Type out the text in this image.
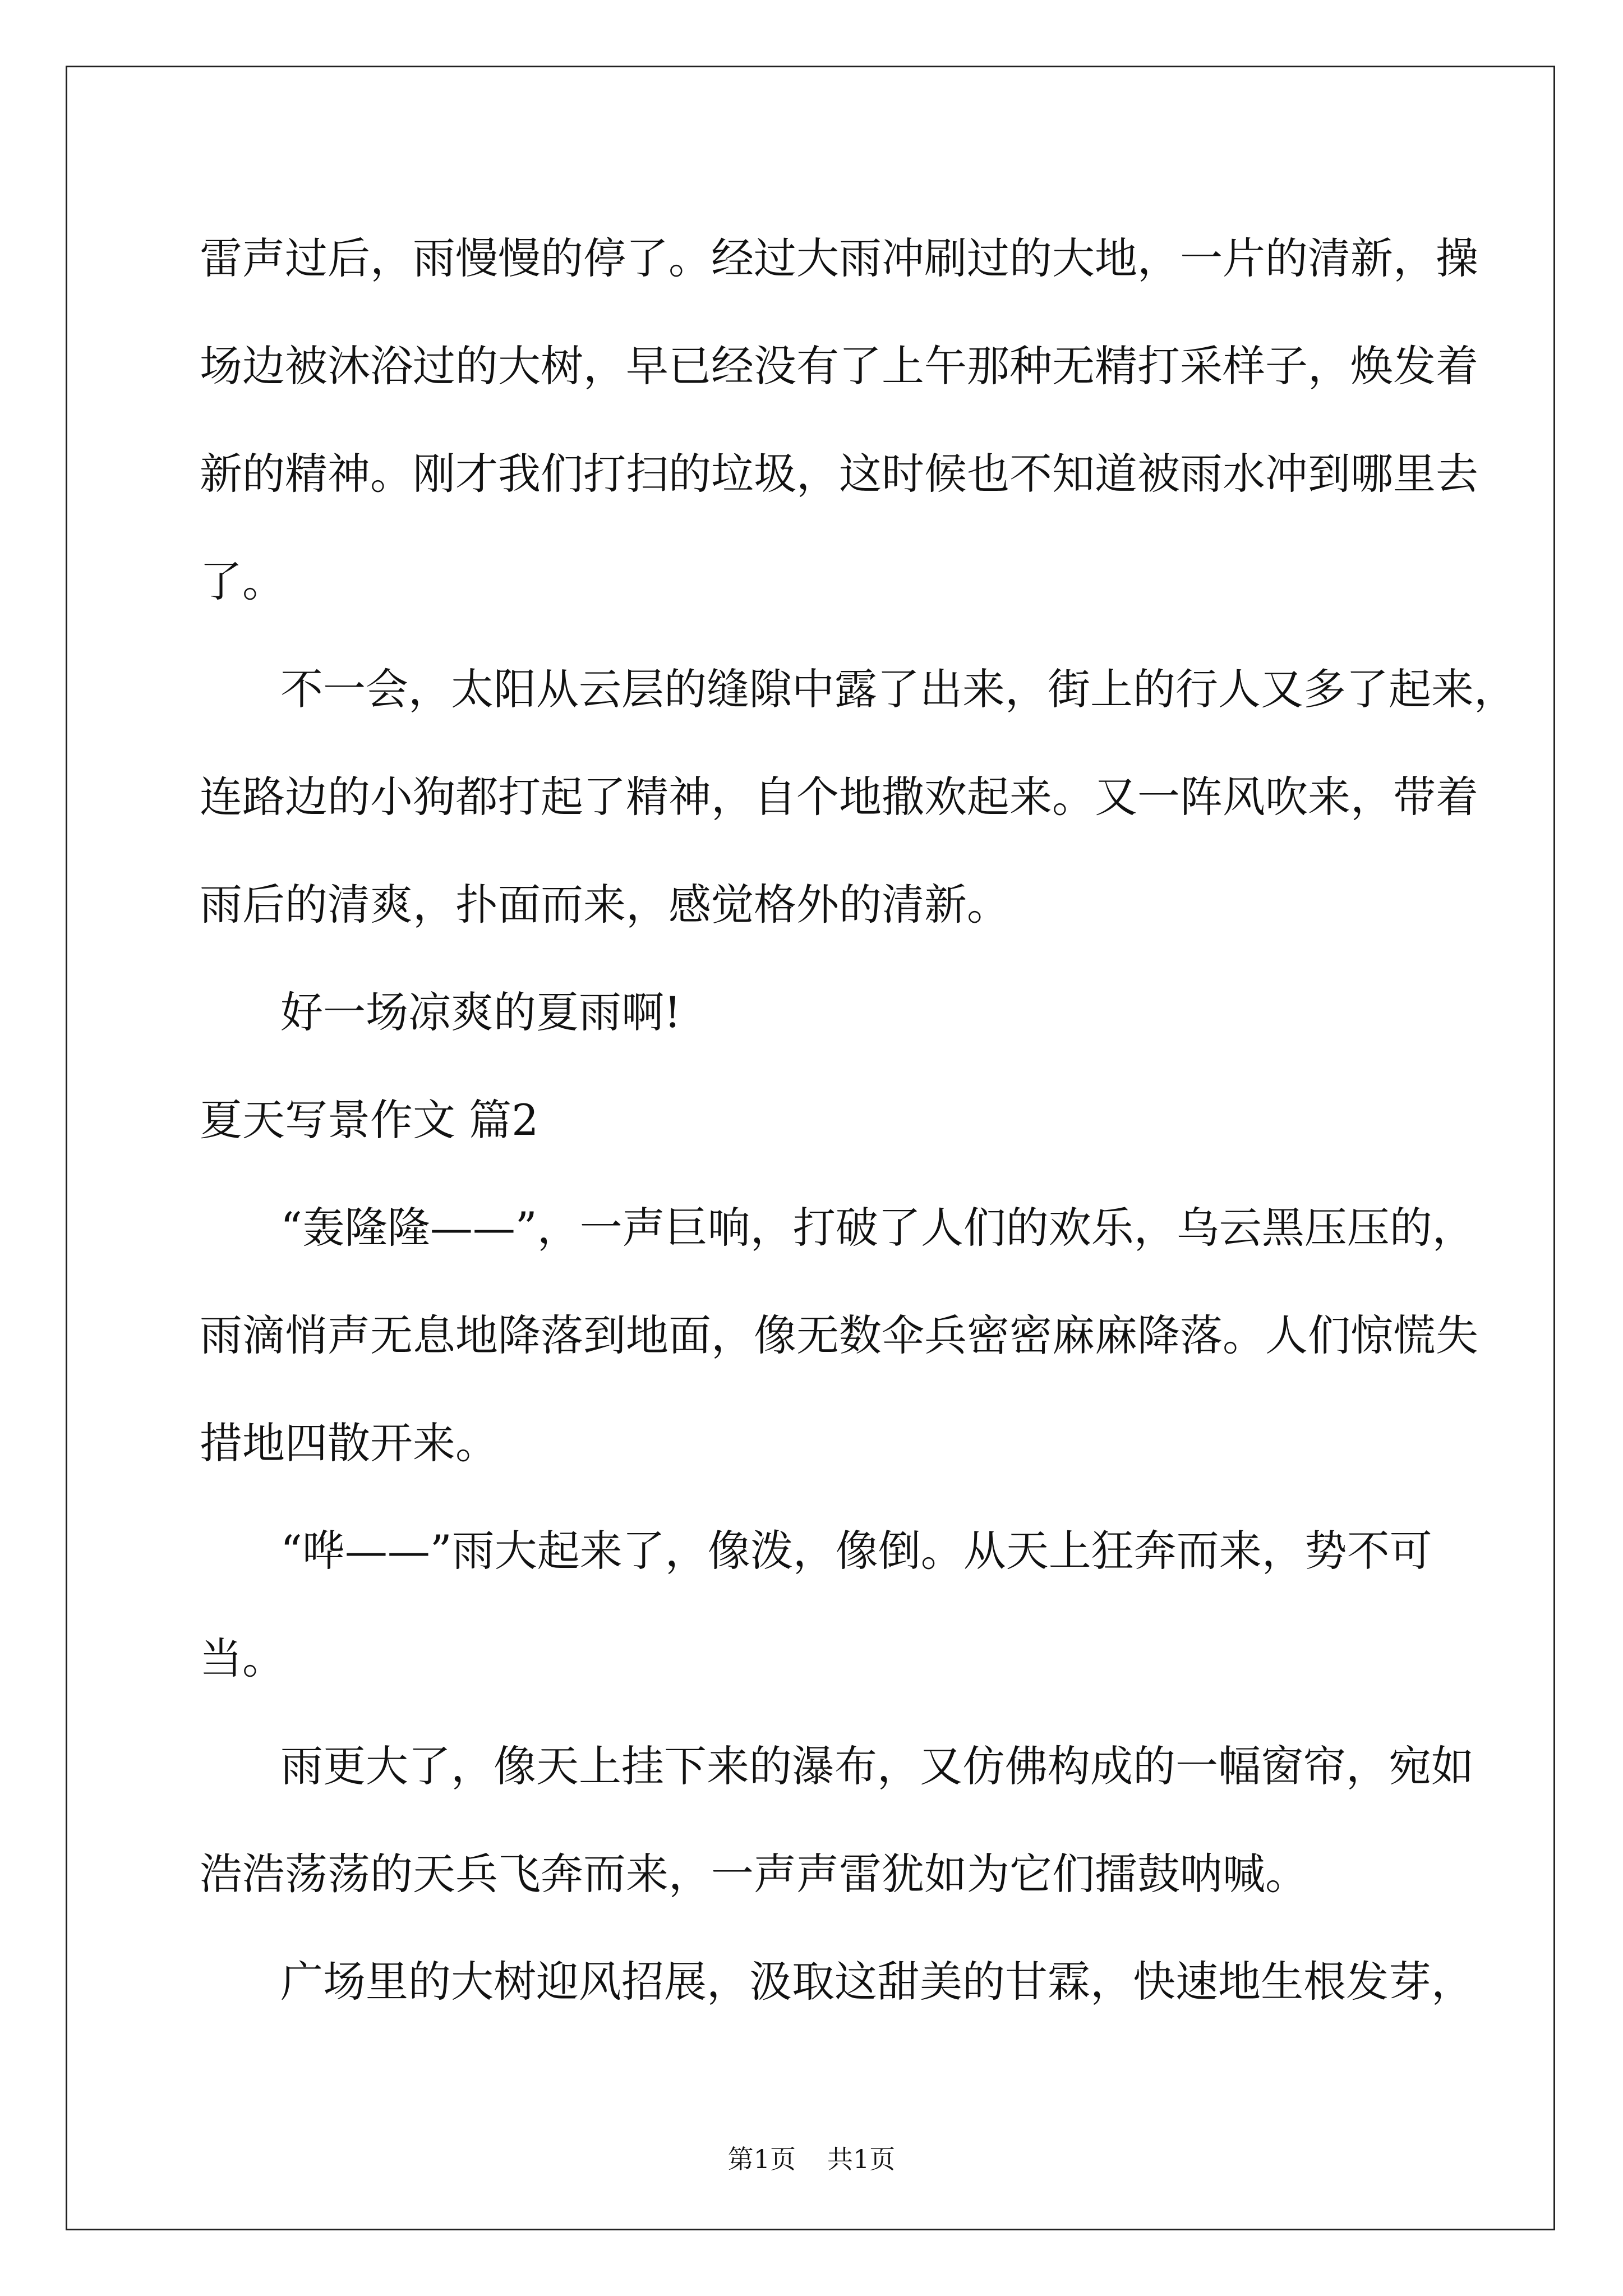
雷声过后，雨慢慢的停了。经过大雨冲刷过的大地，一片的清新，操
场边被沐浴过的大树，早已经没有了上午那种无精打采样子，焕发着
新的精神。刚才我们打扫的垃圾，这时候也不知道被雨水冲到哪里去
了。
不一会，太阳从云层的缝隙中露了出来，街上的行人又多了起来，
连路边的小狗都打起了精神，自个地撒欢起来。又一阵风吹来，带着
雨后的清爽，扑面而来，感觉格外的清新。
好一场凉爽的夏雨啊!
夏天写景作文 篇2
“轰隆隆——”，一声巨响，打破了人们的欢乐，乌云黑压压的，
雨滴悄声无息地降落到地面，像无数伞兵密密麻麻降落。人们惊慌失
措地四散开来。
“哗——”雨大起来了，像泼，像倒。从天上狂奔而来，势不可
当。
雨更大了，像天上挂下来的瀑布，又仿佛构成的一幅窗帘，宛如
浩浩荡荡的天兵飞奔而来，一声声雷犹如为它们擂鼓呐喊。
广场里的大树迎风招展，汲取这甜美的甘霖，快速地生根发芽，
第1页 共1页
